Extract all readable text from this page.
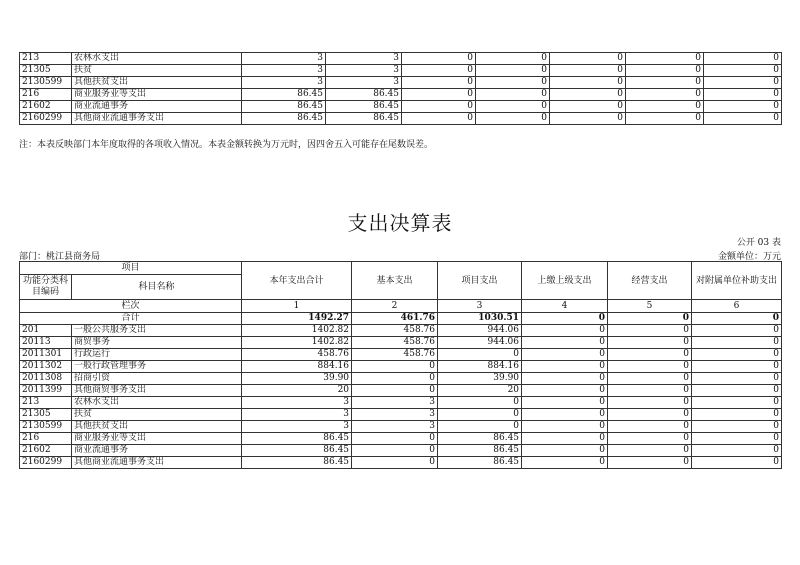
213	农林水支出	3	3	0	0	0	0	0
21305	扶贫	3	3	0	0	0	0	0
2130599	其他扶贫支出	3	3	0	0	0	0	0
216	商业服务业等支出	86.45	86.45	0	0	0	0	0
21602	商业流通事务	86.45	86.45	0	0	0	0	0
2160299	其他商业流通事务支出	86.45	86.45	0	0	0	0	0
注：本表反映部门本年度取得的各项收入情况。本表金额转换为万元时，因四舍五入可能存在尾数误差。
支出决算表
公开 03 表
部门：桃江县商务局	金额单位：万元
项目		本年支出合计	基本支出	项目支出	上缴上级支出	经营支出	对附属单位补助支出
功能分类科目编码	科目名称						
栏次		1	2	3	4	5	6
合计		1492.27	461.76	1030.51	0	0	0
201	一般公共服务支出	1402.82	458.76	944.06	0	0	0
20113	商贸事务	1402.82	458.76	944.06	0	0	0
2011301	行政运行	458.76	458.76	0	0	0	0
2011302	一般行政管理事务	884.16	0	884.16	0	0	0
2011308	招商引资	39.90	0	39.90	0	0	0
2011399	其他商贸事务支出	20	0	20	0	0	0
213	农林水支出	3	3	0	0	0	0
21305	扶贫	3	3	0	0	0	0
2130599	其他扶贫支出	3	3	0	0	0	0
216	商业服务业等支出	86.45	0	86.45	0	0	0
21602	商业流通事务	86.45	0	86.45	0	0	0
2160299	其他商业流通事务支出	86.45	0	86.45	0	0	0
